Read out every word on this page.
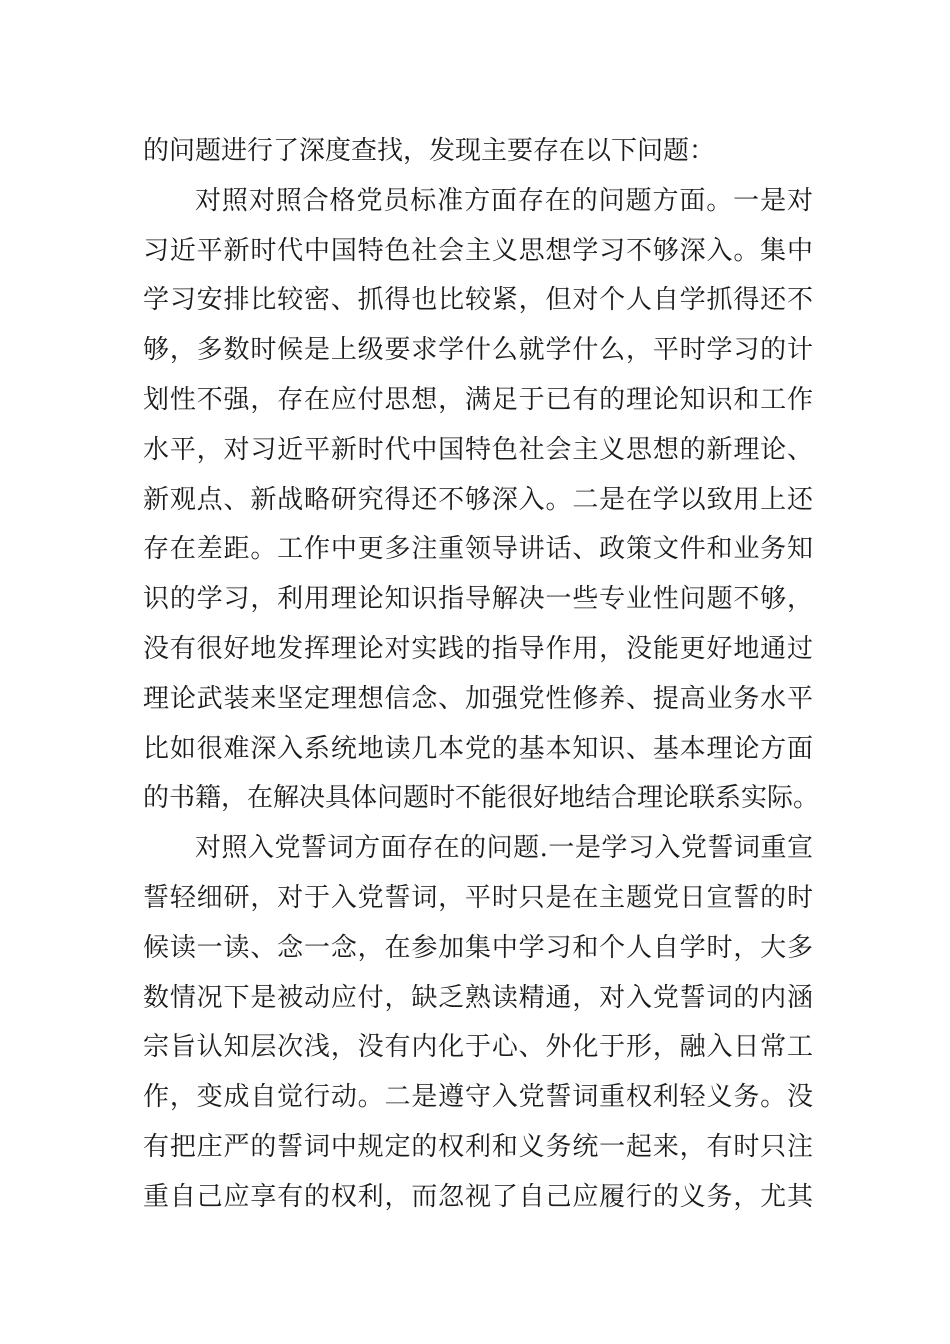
的问题进行了深度查找，发现主要存在以下问题：
对照对照合格党员标准方面存在的问题方面。一是对
习近平新时代中国特色社会主义思想学习不够深入。集中
学习安排比较密、抓得也比较紧，但对个人自学抓得还不
够，多数时候是上级要求学什么就学什么，平时学习的计
划性不强，存在应付思想，满足于已有的理论知识和工作
水平，对习近平新时代中国特色社会主义思想的新理论、
新观点、新战略研究得还不够深入。二是在学以致用上还
存在差距。工作中更多注重领导讲话、政策文件和业务知
识的学习，利用理论知识指导解决一些专业性问题不够，
没有很好地发挥理论对实践的指导作用，没能更好地通过
理论武装来坚定理想信念、加强党性修养、提高业务水平
比如很难深入系统地读几本党的基本知识、基本理论方面
的书籍，在解决具体问题时不能很好地结合理论联系实际。
对照入党誓词方面存在的问题.一是学习入党誓词重宣
誓轻细研，对于入党誓词，平时只是在主题党日宣誓的时
候读一读、念一念，在参加集中学习和个人自学时，大多
数情况下是被动应付，缺乏熟读精通，对入党誓词的内涵
宗旨认知层次浅，没有内化于心、外化于形，融入日常工
作，变成自觉行动。二是遵守入党誓词重权利轻义务。没
有把庄严的誓词中规定的权利和义务统一起来，有时只注
重自己应享有的权利，而忽视了自己应履行的义务，尤其
